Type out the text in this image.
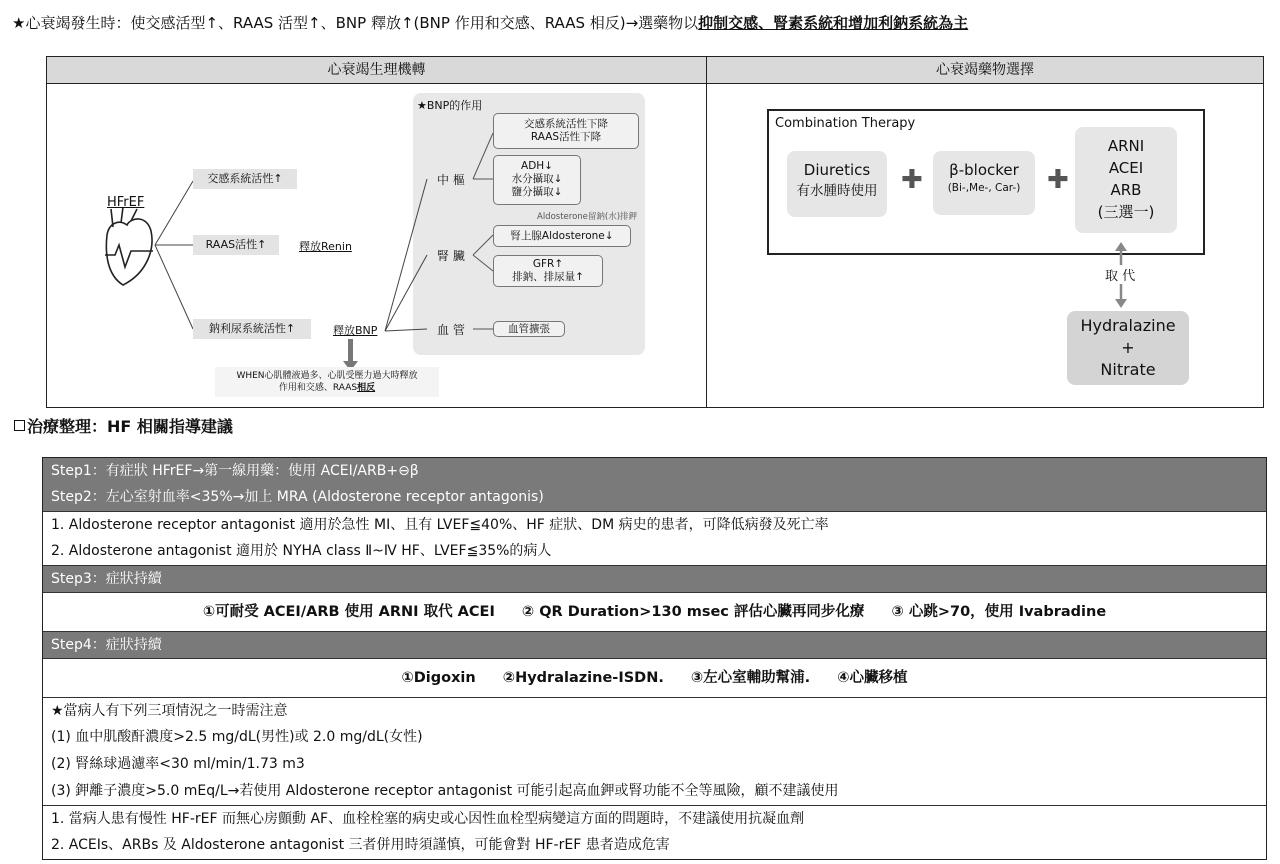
★心衰竭發生時：使交感活型↑、RAAS 活型↑、BNP 釋放↑(BNP 作用和交感、RAAS 相反)→選藥物以抑制交感、腎素系統和增加利鈉系統為主
心衰竭生理機轉
HFrEF
交感系統活性↑
RAAS活性↑	釋放Renin
鈉利尿系統活性↑	釋放BNP
WHEN心肌體液過多、心肌受壓力過大時釋放
作用和交感、RAAS相反
★BNP的作用
中 樞
腎 臟
血 管
交感系統活性下降
RAAS活性下降
ADH↓
水分攝取↓
鹽分攝取↓
Aldosterone留鈉(水)排鉀
腎上腺Aldosterone↓
GFR↑
排鈉、排尿量↑
血管擴張
心衰竭藥物選擇
Combination Therapy
Diuretics
有水腫時使用 ✚	β-blocker
(Bi-,Me-, Car-)	✚
ARNI
ACEI
ARB
(三選一)
取 代
Hydralazine
+
Nitrate
治療整理：HF 相關指導建議
Step1：有症狀 HFrEF→第一線用藥：使用 ACEI/ARB+⊖β
Step2：左心室射血率<35%→加上 MRA (Aldosterone receptor antagonis)
1. Aldosterone receptor antagonist 適用於急性 MI、且有 LVEF≦40%、HF 症狀、DM 病史的患者，可降低病發及死亡率
2. Aldosterone antagonist 適用於 NYHA class Ⅱ~Ⅳ HF、LVEF≦35%的病人
Step3：症狀持續
①可耐受 ACEI/ARB 使用 ARNI 取代 ACEI ② QR Duration>130 msec 評估心臟再同步化療 ③ 心跳>70，使用 Ivabradine
Step4：症狀持續
①Digoxin ②Hydralazine-ISDN. ③左心室輔助幫浦. ④心臟移植
★當病人有下列三項情況之一時需注意
(1) 血中肌酸酐濃度>2.5 mg/dL(男性)或 2.0 mg/dL(女性)
(2) 腎絲球過濾率<30 ml/min/1.73 m3
(3) 鉀離子濃度>5.0 mEq/L→若使用 Aldosterone receptor antagonist 可能引起高血鉀或腎功能不全等風險，顧不建議使用
1. 當病人患有慢性 HF-rEF 而無心房顫動 AF、血栓栓塞的病史或心因性血栓型病變這方面的問題時，不建議使用抗凝血劑
2. ACEIs、ARBs 及 Aldosterone antagonist 三者併用時須謹慎，可能會對 HF-rEF 患者造成危害
